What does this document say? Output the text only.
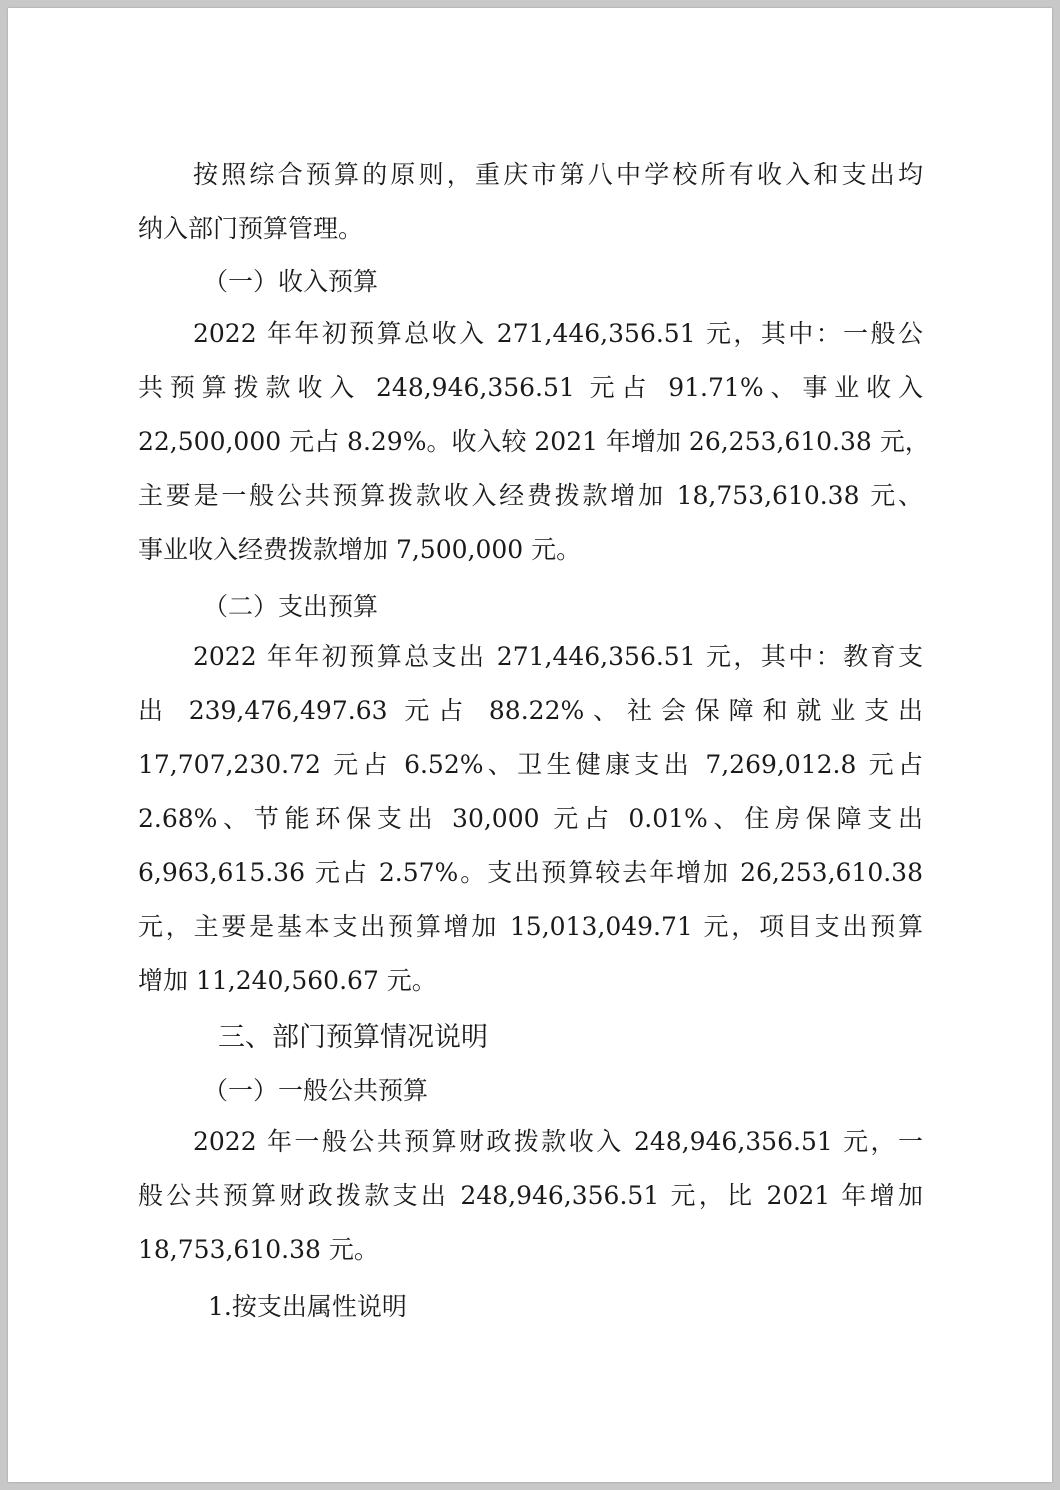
按照综合预算的原则，重庆市第八中学校所有收入和支出均
纳入部门预算管理。
（一）收入预算
2022 年年初预算总收入 271,446,356.51 元，其中：一般公
共预算拨款收入 248,946,356.51 元占 91.71%、事业收入
22,500,000 元占 8.29%。收入较 2021 年增加 26,253,610.38 元，
主要是一般公共预算拨款收入经费拨款增加 18,753,610.38 元、
事业收入经费拨款增加 7,500,000 元。
（二）支出预算
2022 年年初预算总支出 271,446,356.51 元，其中：教育支
出 239,476,497.63 元占 88.22%、社会保障和就业支出
17,707,230.72 元占 6.52%、卫生健康支出 7,269,012.8 元占
2.68%、节能环保支出 30,000 元占 0.01%、住房保障支出
6,963,615.36 元占 2.57%。支出预算较去年增加 26,253,610.38
元，主要是基本支出预算增加 15,013,049.71 元，项目支出预算
增加 11,240,560.67 元。
三、部门预算情况说明
（一）一般公共预算
2022 年一般公共预算财政拨款收入 248,946,356.51 元，一
般公共预算财政拨款支出 248,946,356.51 元，比 2021 年增加
18,753,610.38 元。
1.按支出属性说明
